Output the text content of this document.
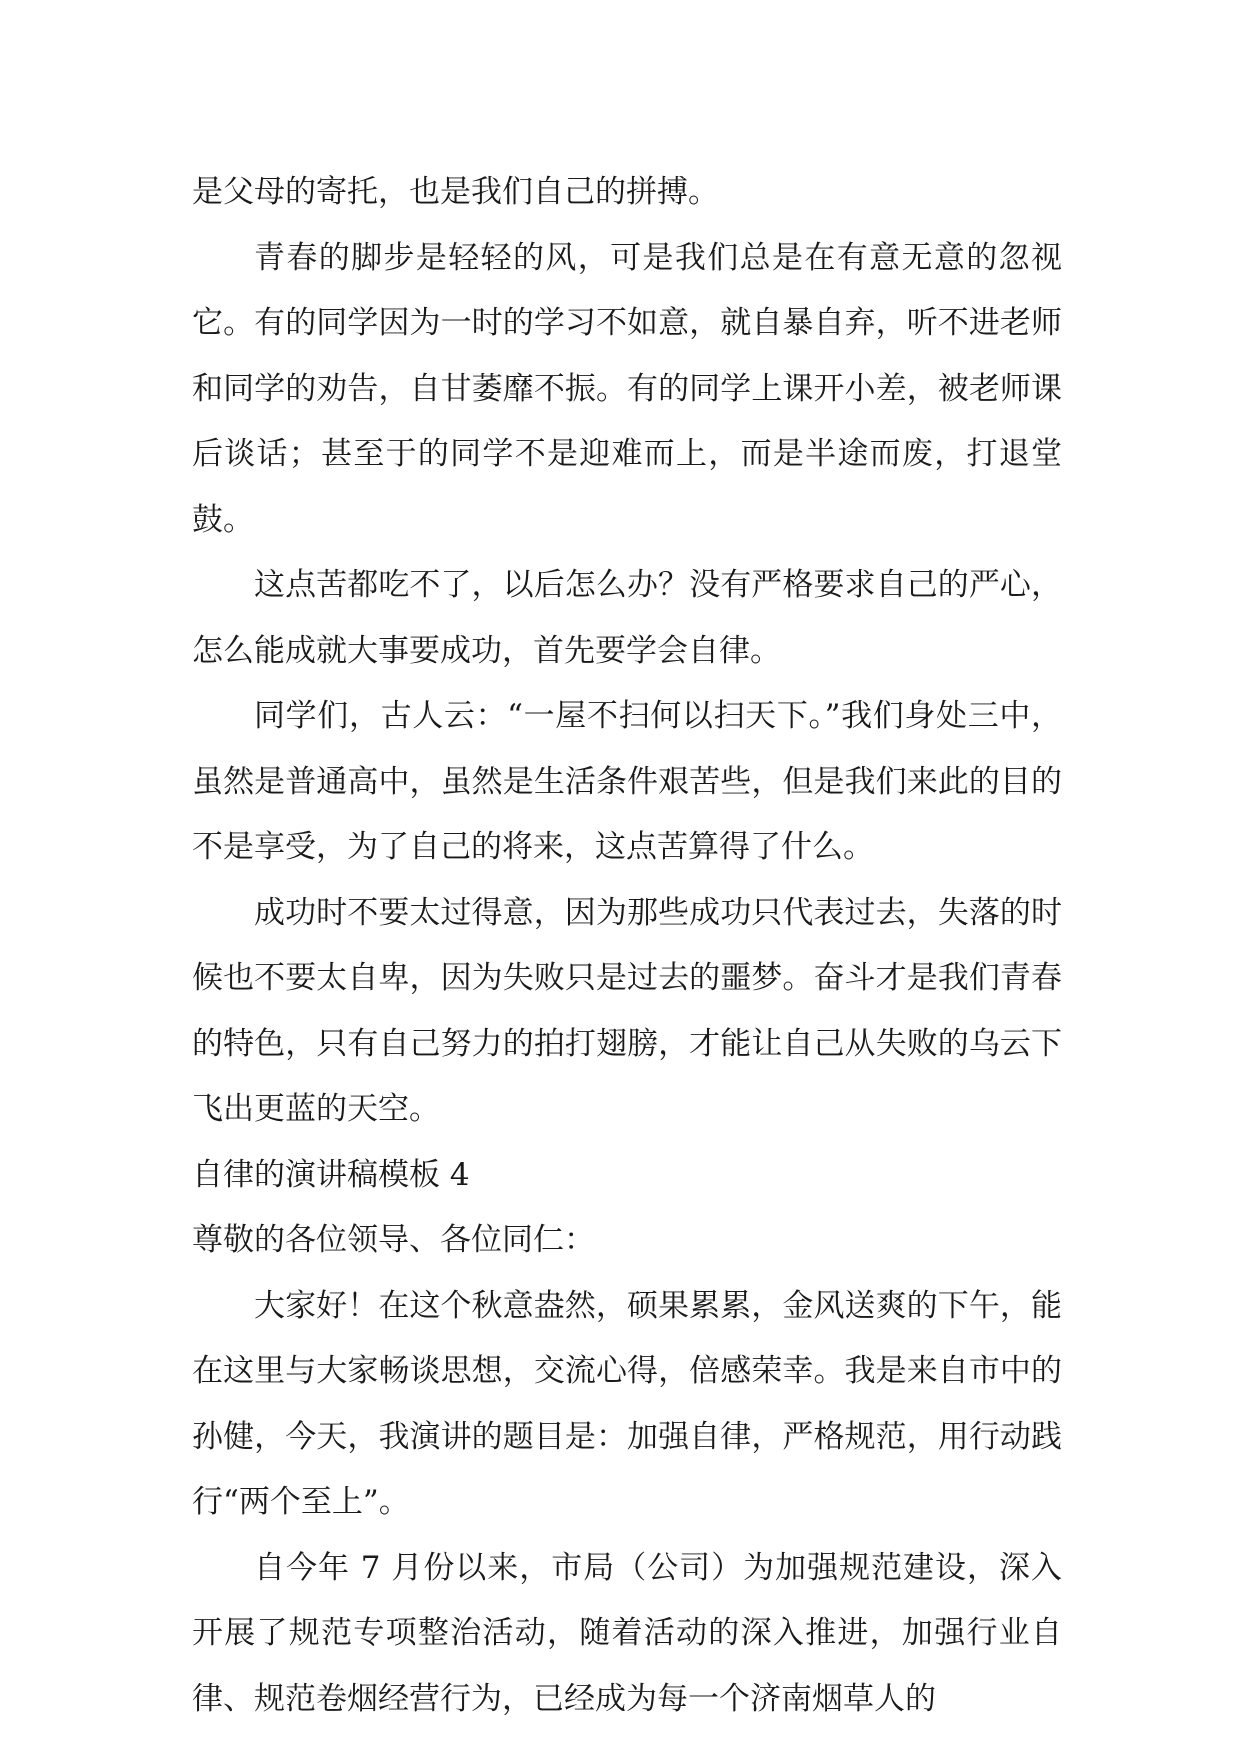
是父母的寄托，也是我们自己的拼搏。

青春的脚步是轻轻的风，可是我们总是在有意无意的忽视它。有的同学因为一时的学习不如意，就自暴自弃，听不进老师和同学的劝告，自甘萎靡不振。有的同学上课开小差，被老师课后谈话；甚至于的同学不是迎难而上，而是半途而废，打退堂鼓。

这点苦都吃不了，以后怎么办？没有严格要求自己的严心，怎么能成就大事要成功，首先要学会自律。

同学们，古人云：“一屋不扫何以扫天下。”我们身处三中，虽然是普通高中，虽然是生活条件艰苦些，但是我们来此的目的不是享受，为了自己的将来，这点苦算得了什么。

成功时不要太过得意，因为那些成功只代表过去，失落的时候也不要太自卑，因为失败只是过去的噩梦。奋斗才是我们青春的特色，只有自己努力的拍打翅膀，才能让自己从失败的乌云下飞出更蓝的天空。

自律的演讲稿模板 4

尊敬的各位领导、各位同仁：

大家好！在这个秋意盎然，硕果累累，金风送爽的下午，能在这里与大家畅谈思想，交流心得，倍感荣幸。我是来自市中的孙健，今天，我演讲的题目是：加强自律，严格规范，用行动践行“两个至上”。

自今年 7 月份以来，市局（公司）为加强规范建设，深入开展了规范专项整治活动，随着活动的深入推进，加强行业自律、规范卷烟经营行为，已经成为每一个济南烟草人的
